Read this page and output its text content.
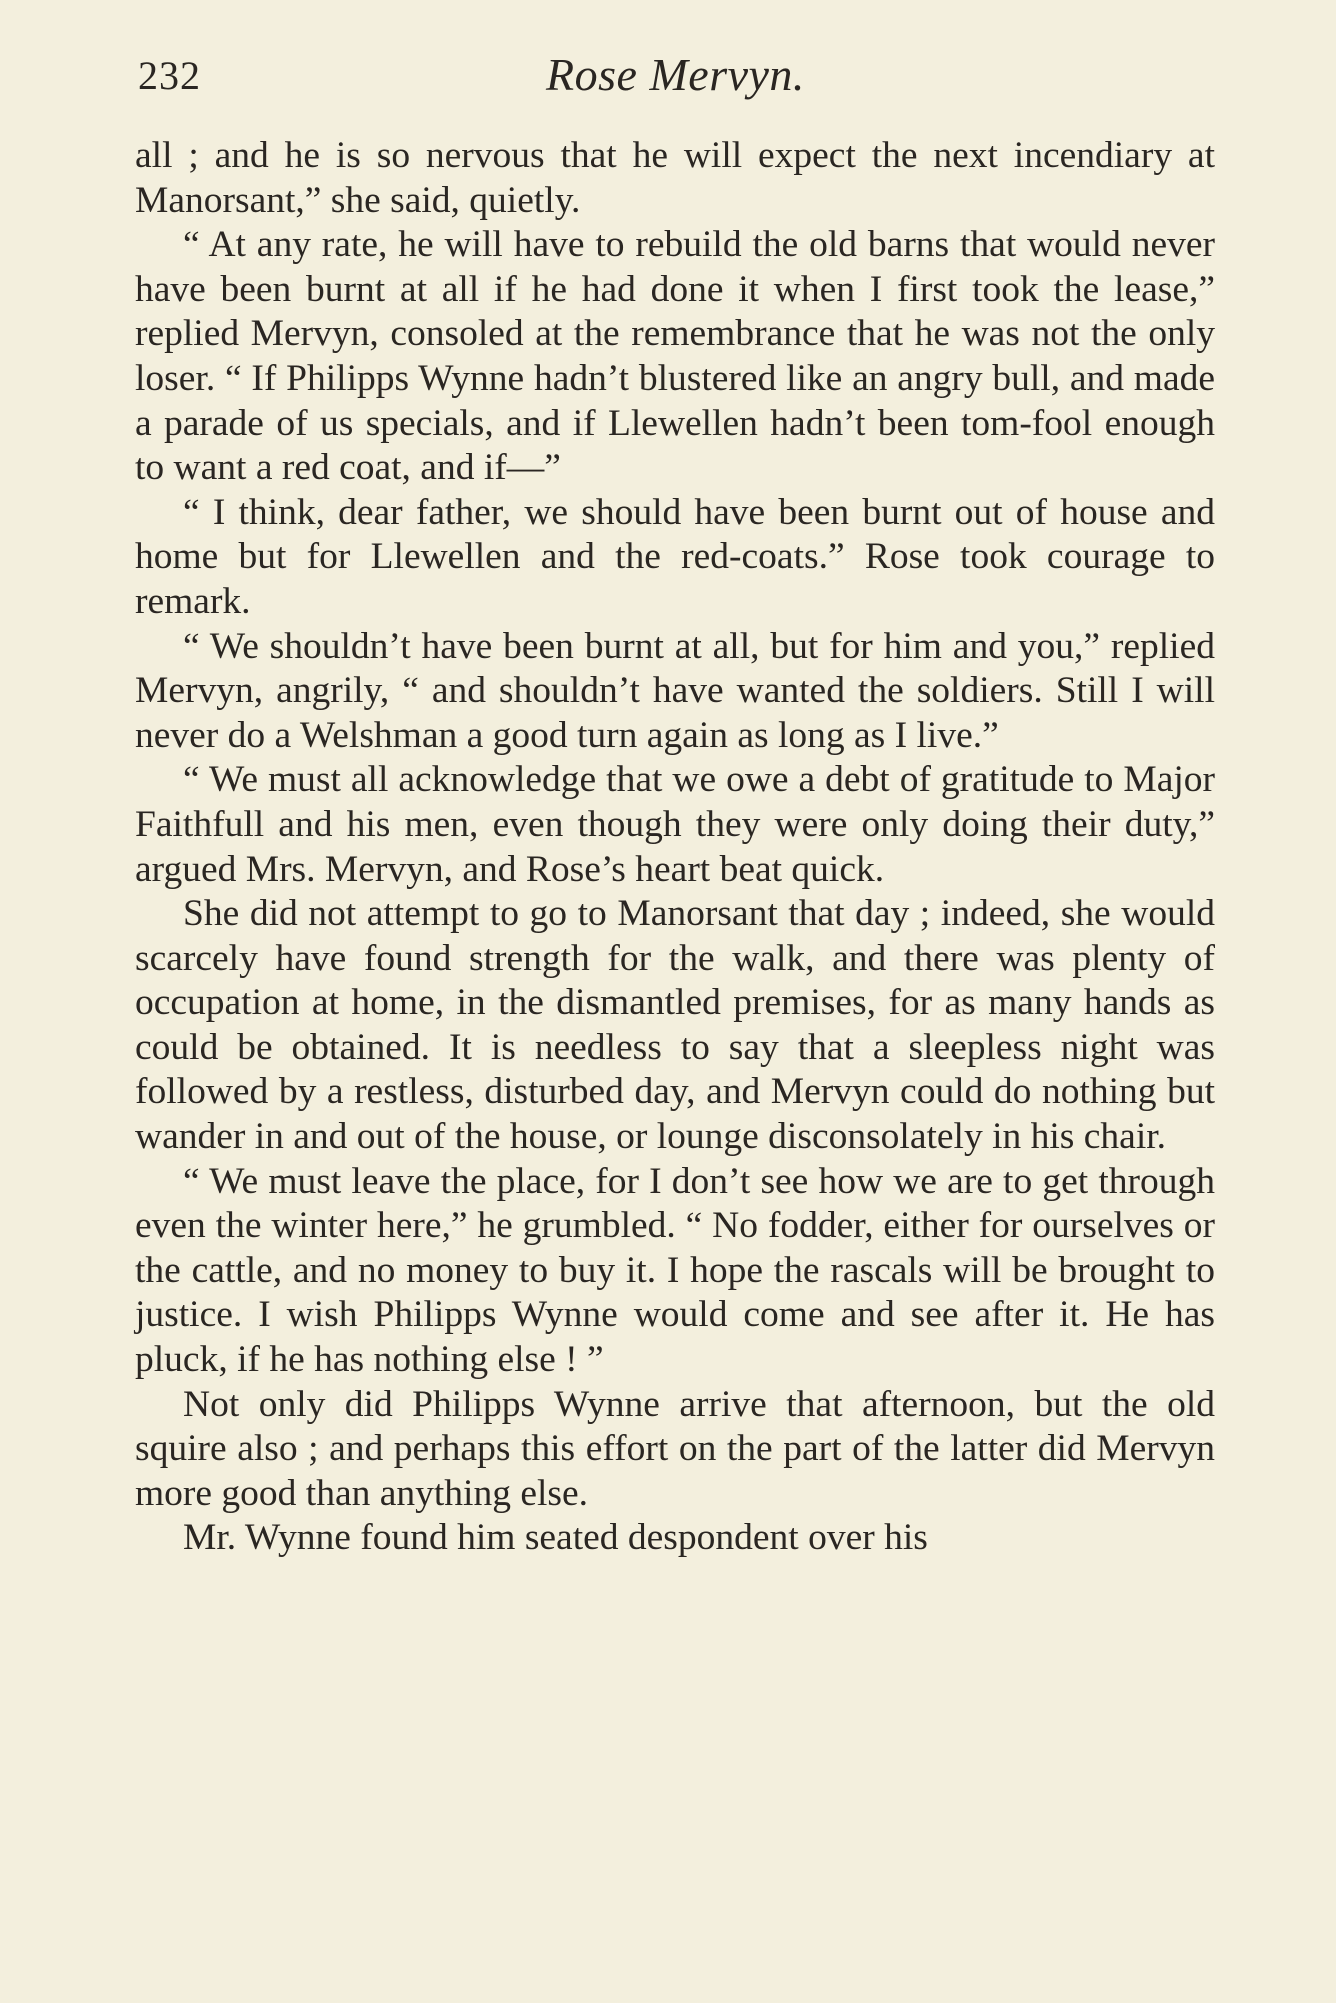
232	Rose Mervyn.

all ; and he is so nervous that he will expect the next incendiary at Manorsant,” she said, quietly.

“ At any rate, he will have to rebuild the old barns that would never have been burnt at all if he had done it when I first took the lease,” replied Mervyn, consoled at the remembrance that he was not the only loser. “ If Philipps Wynne hadn’t blustered like an angry bull, and made a parade of us specials, and if Llewellen hadn’t been tom-fool enough to want a red coat, and if—”

“ I think, dear father, we should have been burnt out of house and home but for Llewellen and the red-coats.” Rose took courage to remark.

“ We shouldn’t have been burnt at all, but for him and you,” replied Mervyn, angrily, “ and shouldn’t have wanted the soldiers. Still I will never do a Welshman a good turn again as long as I live.”

“ We must all acknowledge that we owe a debt of gratitude to Major Faithfull and his men, even though they were only doing their duty,” argued Mrs. Mervyn, and Rose’s heart beat quick.

She did not attempt to go to Manorsant that day ; indeed, she would scarcely have found strength for the walk, and there was plenty of occupation at home, in the dismantled premises, for as many hands as could be obtained. It is needless to say that a sleepless night was followed by a restless, disturbed day, and Mervyn could do nothing but wander in and out of the house, or lounge disconsolately in his chair.

“ We must leave the place, for I don’t see how we are to get through even the winter here,” he grumbled. “ No fodder, either for ourselves or the cattle, and no money to buy it. I hope the rascals will be brought to justice. I wish Philipps Wynne would come and see after it. He has pluck, if he has nothing else ! ”

Not only did Philipps Wynne arrive that afternoon, but the old squire also ; and perhaps this effort on the part of the latter did Mervyn more good than anything else.

Mr. Wynne found him seated despondent over his
